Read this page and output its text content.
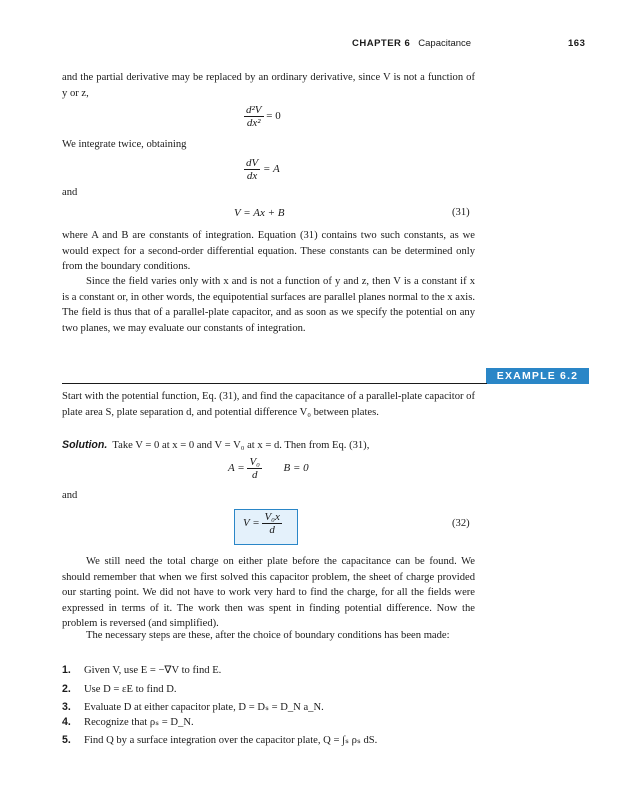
CHAPTER 6 Capacitance	163
and the partial derivative may be replaced by an ordinary derivative, since V is not a function of y or z,
$\frac{\text{d²V}}{\text{dx²}} = 0$
We integrate twice, obtaining
$\frac{dV}{dx} = A$
and
V = Ax + B	(31)
where A and B are constants of integration. Equation (31) contains two such constants, as we would expect for a second-order differential equation. These constants can be determined only from the boundary conditions.
Since the field varies only with x and is not a function of y and z, then V is a constant if x is a constant or, in other words, the equipotential surfaces are parallel planes normal to the x axis. The field is thus that of a parallel-plate capacitor, and as soon as we specify the potential on any two planes, we may evaluate our constants of integration.
EXAMPLE 6.2
Start with the potential function, Eq. (31), and find the capacitance of a parallel-plate capacitor of plate area S, plate separation d, and potential difference V₀ between plates.
Solution. Take V = 0 at x = 0 and V = V₀ at x = d. Then from Eq. (31),
$A = \frac{\text{V₀}}{d}$ B = 0
and
$V = \frac{\text{V₀x}}{d}$	(32)
We still need the total charge on either plate before the capacitance can be found. We should remember that when we first solved this capacitor problem, the sheet of charge provided our starting point. We did not have to work very hard to find the charge, for all the fields were expressed in terms of it. The work then was spent in finding potential difference. Now the problem is reversed (and simplified).
The necessary steps are these, after the choice of boundary conditions has been made:
1. Given V, use E = −∇V to find E.
2. Use D = εE to find D.
3. Evaluate D at either capacitor plate, D = Dₛ = D_N a_N.
4. Recognize that ρₛ = D_N.
5. Find Q by a surface integration over the capacitor plate, Q = ∫ₛ ρₛ dS.
